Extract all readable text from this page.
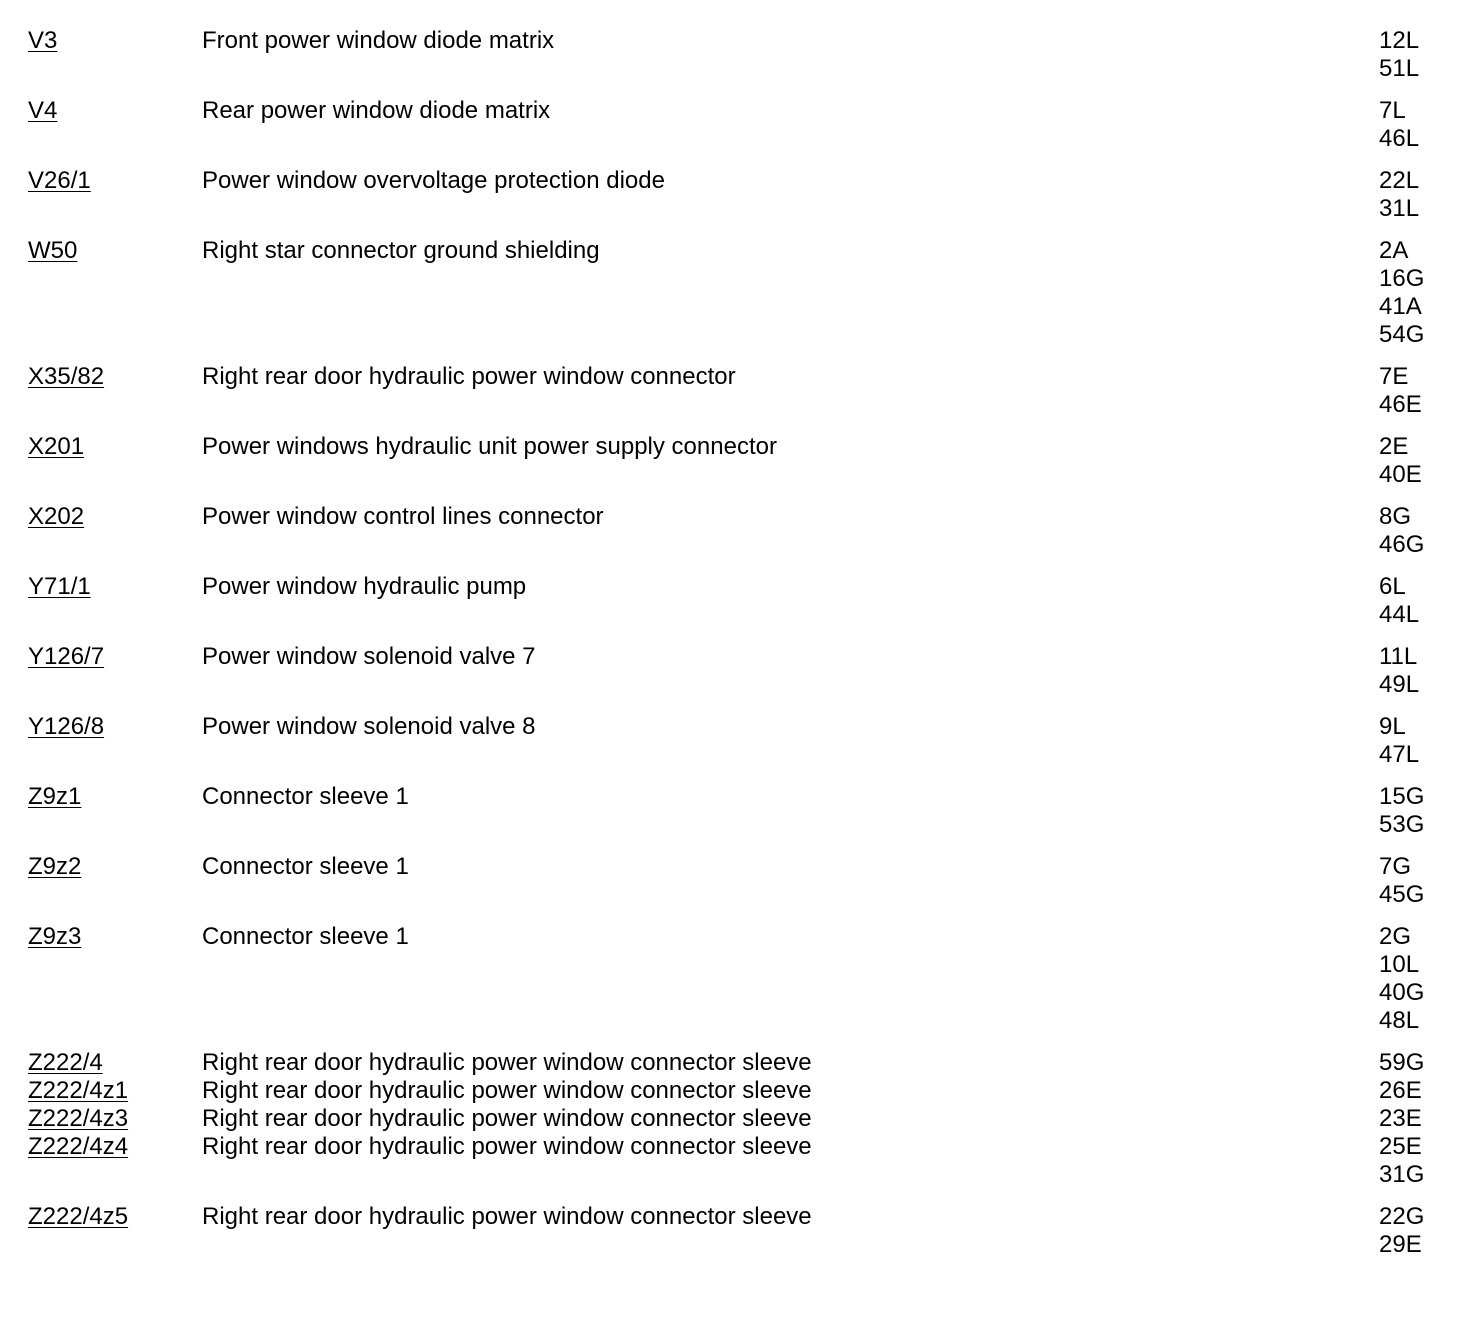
V3	Front power window diode matrix	12L
51L
V4	Rear power window diode matrix	7L
46L
V26/1	Power window overvoltage protection diode	22L
31L
W50	Right star connector ground shielding	2A
16G
41A
54G
X35/82	Right rear door hydraulic power window connector	7E
46E
X201	Power windows hydraulic unit power supply connector	2E
40E
X202	Power window control lines connector	8G
46G
Y71/1	Power window hydraulic pump	6L
44L
Y126/7	Power window solenoid valve 7	11L
49L
Y126/8	Power window solenoid valve 8	9L
47L
Z9z1	Connector sleeve 1	15G
53G
Z9z2	Connector sleeve 1	7G
45G
Z9z3	Connector sleeve 1	2G
10L
40G
48L
Z222/4	Right rear door hydraulic power window connector sleeve	59G
Z222/4z1	Right rear door hydraulic power window connector sleeve	26E
Z222/4z3	Right rear door hydraulic power window connector sleeve	23E
Z222/4z4	Right rear door hydraulic power window connector sleeve	25E
31G
Z222/4z5	Right rear door hydraulic power window connector sleeve	22G
29E
